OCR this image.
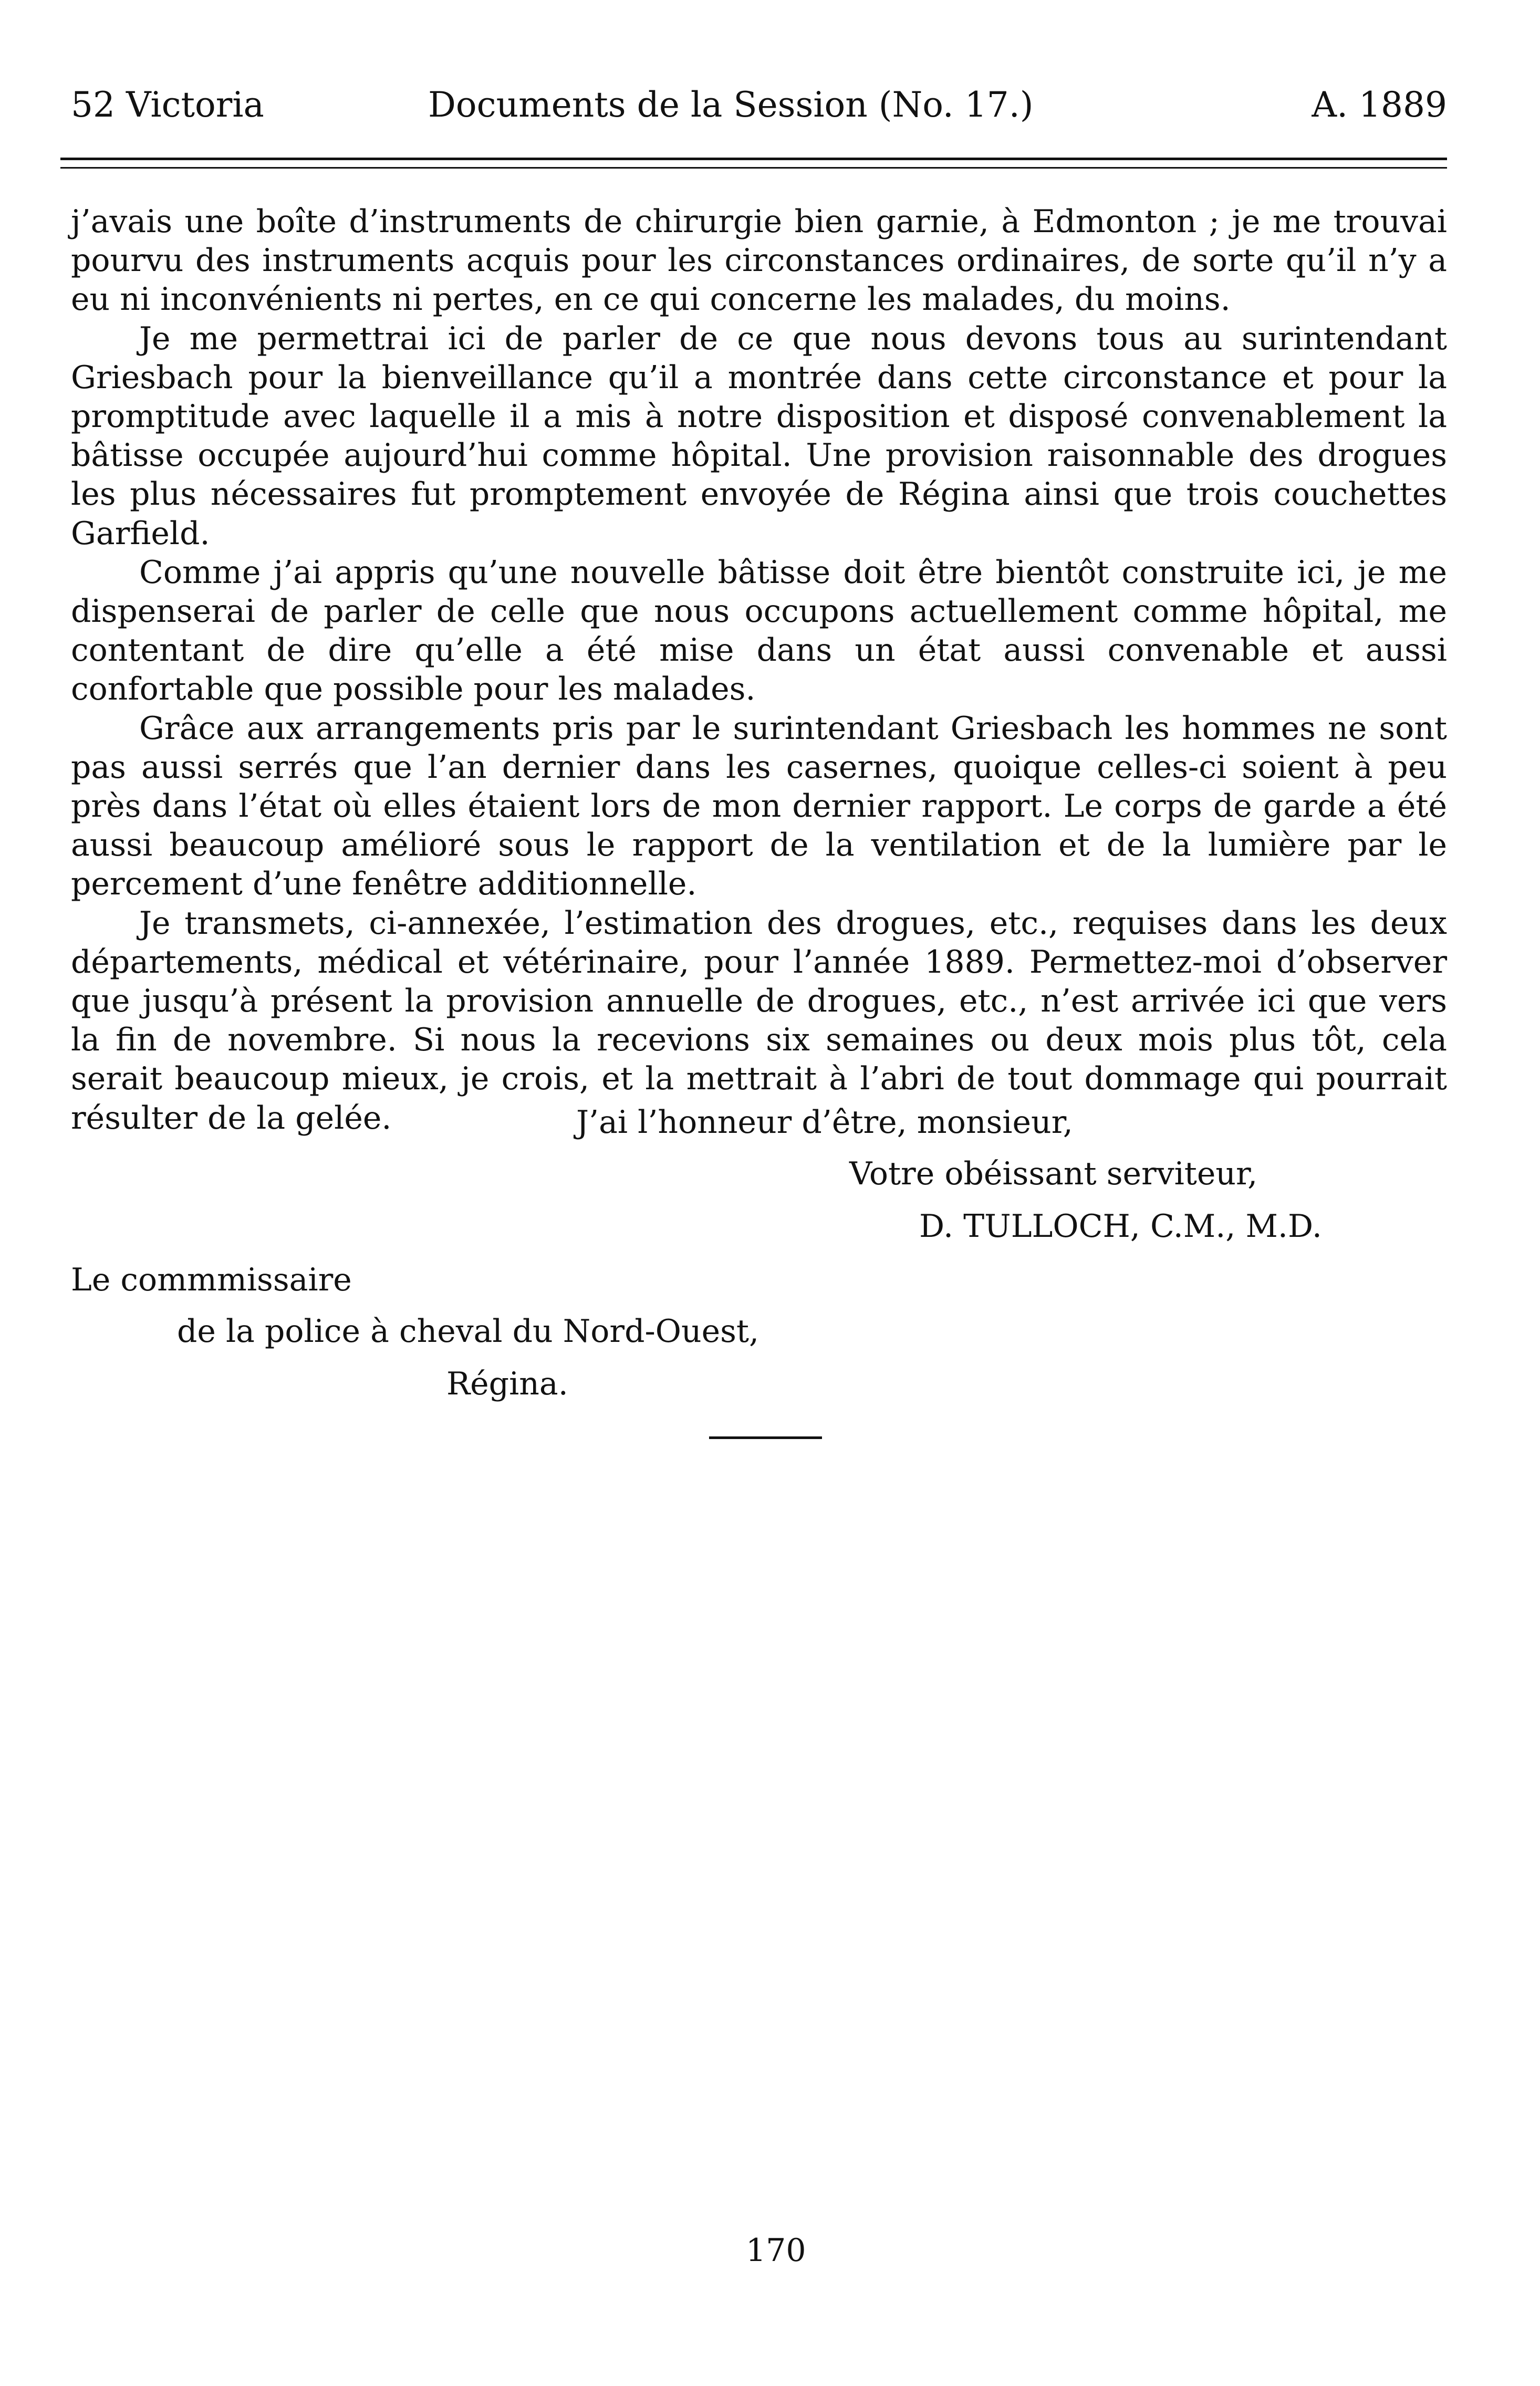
52 Victoria	Documents de la Session (No. 17.)	A. 1889

j’avais une boîte d’instruments de chirurgie bien garnie, à Edmonton ; je me trouvai pourvu des instruments acquis pour les circonstances ordinaires, de sorte qu’il n’y a eu ni inconvénients ni pertes, en ce qui concerne les malades, du moins.

Je me permettrai ici de parler de ce que nous devons tous au surintendant Griesbach pour la bienveillance qu’il a montrée dans cette circonstance et pour la promptitude avec laquelle il a mis à notre disposition et disposé convenablement la bâtisse occupée aujourd’hui comme hôpital. Une provision raisonnable des drogues les plus nécessaires fut promptement envoyée de Régina ainsi que trois couchettes Garfield.

Comme j’ai appris qu’une nouvelle bâtisse doit être bientôt construite ici, je me dispenserai de parler de celle que nous occupons actuellement comme hôpital, me contentant de dire qu’elle a été mise dans un état aussi convenable et aussi confortable que possible pour les malades.

Grâce aux arrangements pris par le surintendant Griesbach les hommes ne sont pas aussi serrés que l’an dernier dans les casernes, quoique celles-ci soient à peu près dans l’état où elles étaient lors de mon dernier rapport. Le corps de garde a été aussi beaucoup amélioré sous le rapport de la ventilation et de la lumière par le percement d’une fenêtre additionnelle.

Je transmets, ci-annexée, l’estimation des drogues, etc., requises dans les deux départements, médical et vétérinaire, pour l’année 1889. Permettez-moi d’observer que jusqu’à présent la provision annuelle de drogues, etc., n’est arrivée ici que vers la fin de novembre. Si nous la recevions six semaines ou deux mois plus tôt, cela serait beaucoup mieux, je crois, et la mettrait à l’abri de tout dommage qui pourrait résulter de la gelée.	J’ai l’honneur d’être, monsieur,
Votre obéissant serviteur,
D. TULLOCH, C.M., M.D.
Le commmissaire
de la police à cheval du Nord-Ouest,
Régina.
170
